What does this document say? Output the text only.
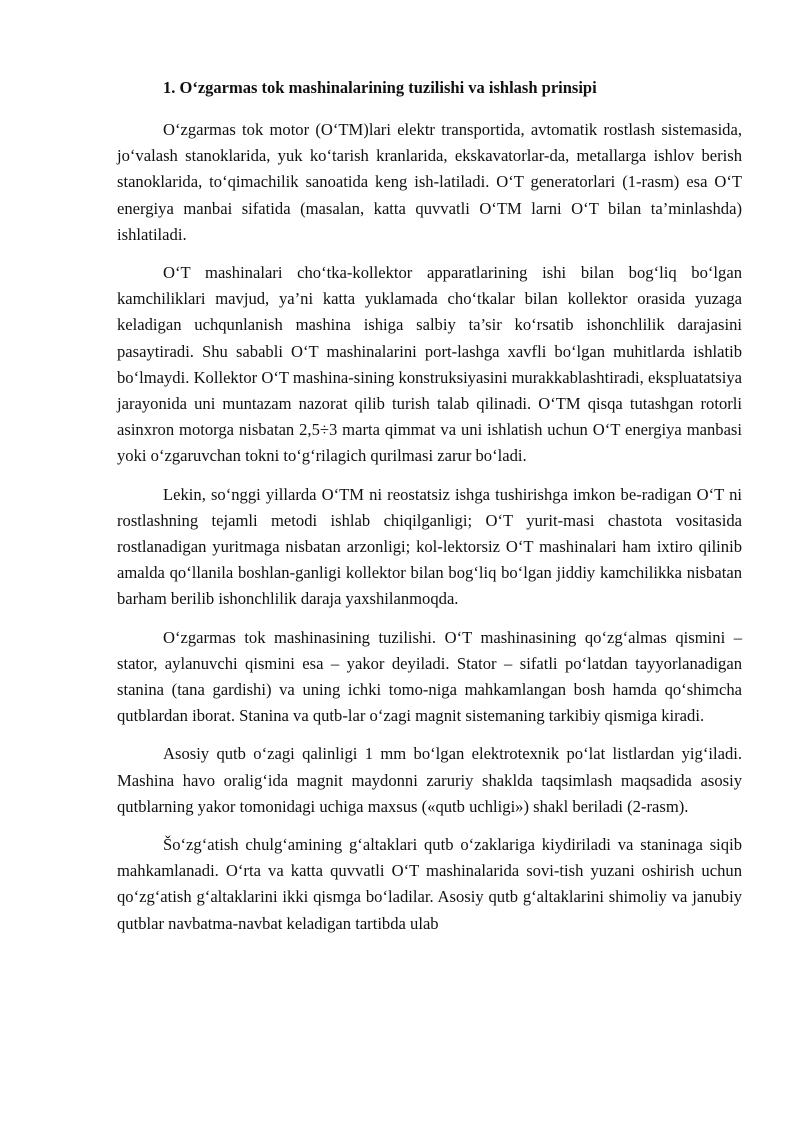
1. O‘zgarmas tok mashinalarining tuzilishi va ishlash prinsipi

O‘zgarmas tok motor (O‘TM)lari elektr transportida, avtomatik rostlash sistemasida, jo‘valash stanoklarida, yuk ko‘tarish kranlarida, ekskavatorlar-da, metallarga ishlov berish stanoklarida, to‘qimachilik sanoatida keng ish-latiladi. O‘T generatorlari (1-rasm) esa O‘T energiya manbai sifatida (masalan, katta quvvatli O‘TM larni O‘T bilan ta’minlashda) ishlatiladi.

O‘T mashinalari cho‘tka-kollektor apparatlarining ishi bilan bog‘liq bo‘lgan kamchiliklari mavjud, ya’ni katta yuklamada cho‘tkalar bilan kollektor orasida yuzaga keladigan uchqunlanish mashina ishiga salbiy ta’sir ko‘rsatib ishonchlilik darajasini pasaytiradi. Shu sababli O‘T mashinalarini port-lashga xavfli bo‘lgan muhitlarda ishlatib bo‘lmaydi. Kollektor O‘T mashina-sining konstruksiyasini murakkablashtiradi, ekspluatatsiya jarayonida uni muntazam nazorat qilib turish talab qilinadi. O‘TM qisqa tutashgan rotorli asinxron motorga nisbatan 2,5÷3 marta qimmat va uni ishlatish uchun O‘T energiya manbasi yoki o‘zgaruvchan tokni to‘g‘rilagich qurilmasi zarur bo‘ladi.

Lekin, so‘nggi yillarda O‘TM ni reostatsiz ishga tushirishga imkon be-radigan O‘T ni rostlashning tejamli metodi ishlab chiqilganligi; O‘T yurit-masi chastota vositasida rostlanadigan yuritmaga nisbatan arzonligi; kol-lektorsiz O‘T mashinalari ham ixtiro qilinib amalda qo‘llanila boshlan-ganligi kollektor bilan bog‘liq bo‘lgan jiddiy kamchilikka nisbatan barham berilib ishonchlilik daraja yaxshilanmoqda.

O‘zgarmas tok mashinasining tuzilishi. O‘T mashinasining qo‘zg‘almas qismini – stator, aylanuvchi qismini esa – yakor deyiladi. Stator – sifatli po‘latdan tayyorlanadigan stanina (tana gardishi) va uning ichki tomo-niga mahkamlangan bosh hamda qo‘shimcha qutblardan iborat. Stanina va qutb-lar o‘zagi magnit sistemaning tarkibiy qismiga kiradi.

Asosiy qutb o‘zagi qalinligi 1 mm bo‘lgan elektrotexnik po‘lat listlardan yig‘iladi. Mashina havo oralig‘ida magnit maydonni zaruriy shaklda taqsimlash maqsadida asosiy qutblarning yakor tomonidagi uchiga maxsus («qutb uchligi») shakl beriladi (2-rasm).

Šo‘zg‘atish chulg‘amining g‘altaklari qutb o‘zaklariga kiydiriladi va staninaga siqib mahkamlanadi. O‘rta va katta quvvatli O‘T mashinalarida sovi-tish yuzani oshirish uchun qo‘zg‘atish g‘altaklarini ikki qismga bo‘ladilar. Asosiy qutb g‘altaklarini shimoliy va janubiy qutblar navbatma-navbat keladigan tartibda ulab
